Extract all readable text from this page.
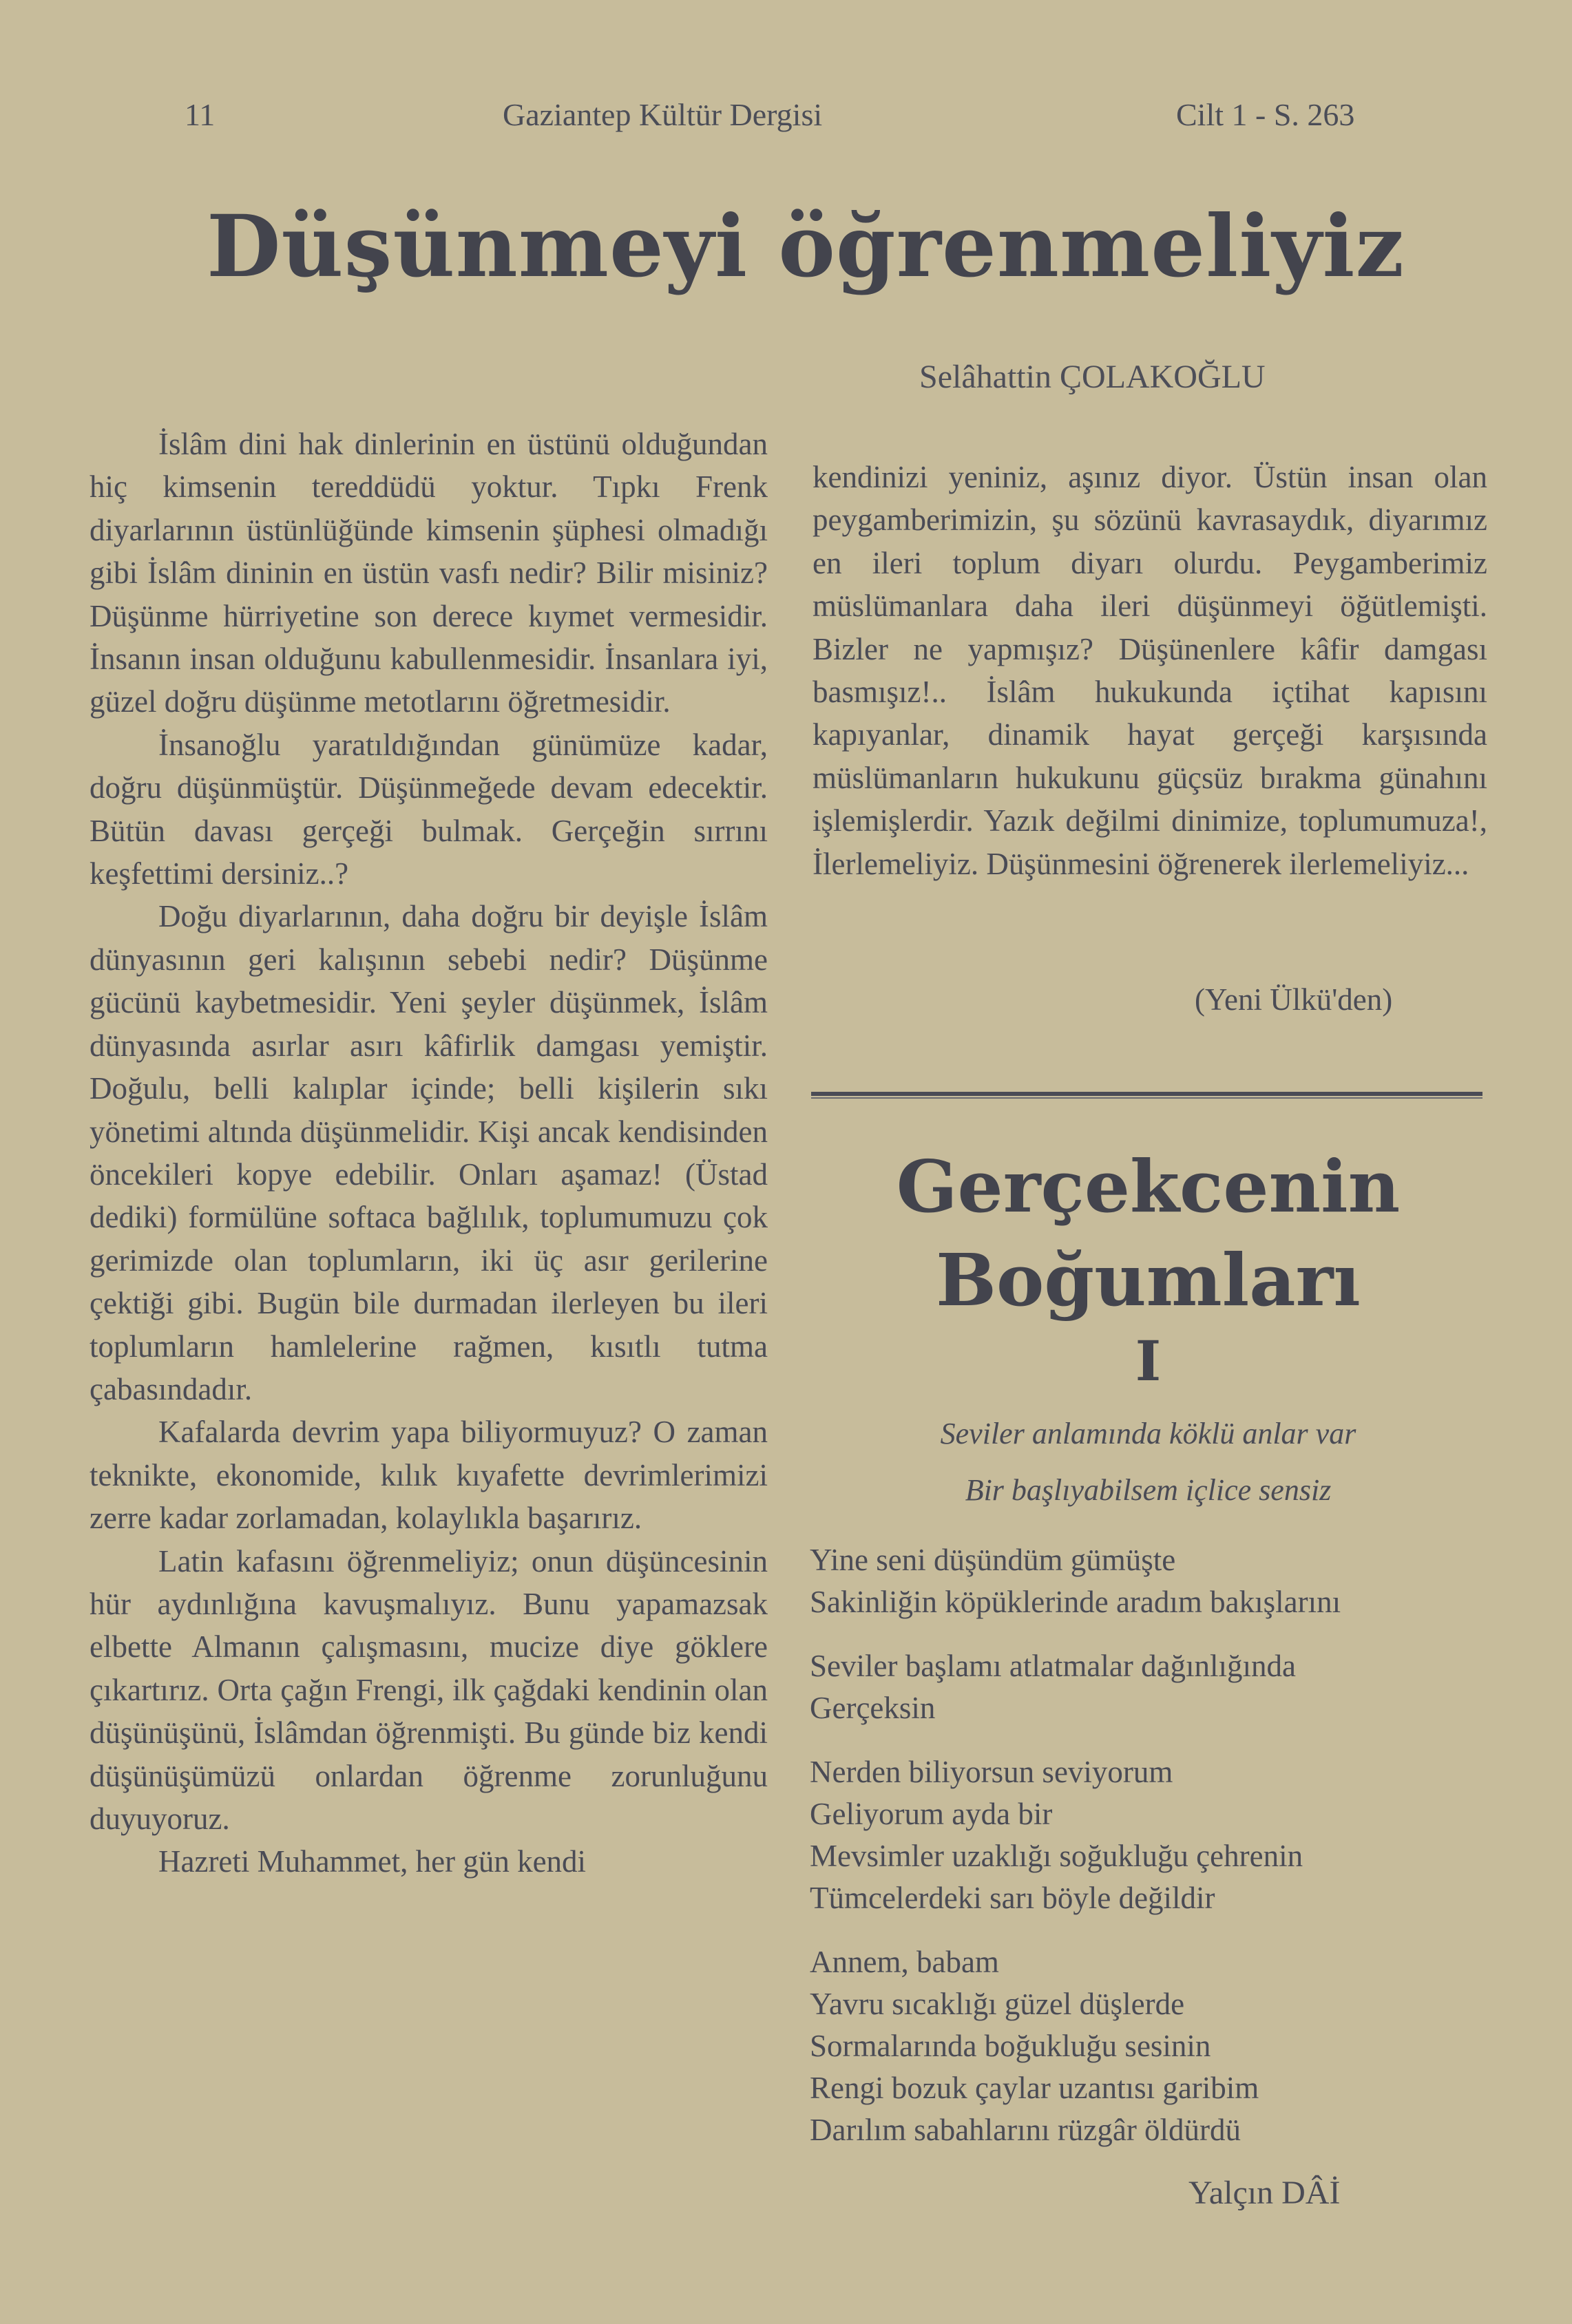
11	Gaziantep Kültür Dergisi	Cilt 1 - S. 263
Düşünmeyi öğrenmeliyiz
Selâhattin ÇOLAKOĞLU

İslâm dini hak dinlerinin en üstünü olduğundan hiç kimsenin tereddüdü yoktur. Tıpkı Frenk diyarlarının üstünlüğünde kimsenin şüphesi olmadığı gibi İslâm dininin en üstün vasfı nedir? Bilir misiniz? Düşünme hürriyetine son derece kıymet vermesidir. İnsanın insan olduğunu kabullenmesidir. İnsanlara iyi, güzel doğru düşünme metotlarını öğretmesidir.

İnsanoğlu yaratıldığından günümüze kadar, doğru düşünmüştür. Düşünmeğede devam edecektir. Bütün davası gerçeği bulmak. Gerçeğin sırrını keşfettimi dersiniz..?

Doğu diyarlarının, daha doğru bir deyişle İslâm dünyasının geri kalışının sebebi nedir? Düşünme gücünü kaybetmesidir. Yeni şeyler düşünmek, İslâm dünyasında asırlar asırı kâfirlik damgası yemiştir. Doğulu, belli kalıplar içinde; belli kişilerin sıkı yönetimi altında düşünmelidir. Kişi ancak kendisinden öncekileri kopye edebilir. Onları aşamaz! (Üstad dediki) formülüne softaca bağlılık, toplumumuzu çok gerimizde olan toplumların, iki üç asır gerilerine çektiği gibi. Bugün bile durmadan ilerleyen bu ileri toplumların hamlelerine rağmen, kısıtlı tutma çabasındadır.

Kafalarda devrim yapa biliyormuyuz? O zaman teknikte, ekonomide, kılık kıyafette devrimlerimizi zerre kadar zorlamadan, kolaylıkla başarırız.

Latin kafasını öğrenmeliyiz; onun düşüncesinin hür aydınlığına kavuşmalıyız. Bunu yapamazsak elbette Almanın çalışmasını, mucize diye göklere çıkartırız. Orta çağın Frengi, ilk çağdaki kendinin olan düşünüşünü, İslâmdan öğrenmişti. Bu günde biz kendi düşünüşümüzü onlardan öğrenme zorunluğunu duyuyoruz.

Hazreti Muhammet, her gün kendi

kendinizi yeniniz, aşınız diyor. Üstün insan olan peygamberimizin, şu sözünü kavrasaydık, diyarımız en ileri toplum diyarı olurdu. Peygamberimiz müslümanlara daha ileri düşünmeyi öğütlemişti. Bizler ne yapmışız? Düşünenlere kâfir damgası basmışız!.. İslâm hukukunda içtihat kapısını kapıyanlar, dinamik hayat gerçeği karşısında müslümanların hukukunu güçsüz bırakma günahını işlemişlerdir. Yazık değilmi dinimize, toplumumuza!, İlerlemeliyiz. Düşünmesini öğrenerek ilerlemeliyiz...

(Yeni Ülkü'den)
Gerçekcenin
Boğumları
I
Seviler anlamında köklü anlar var
Bir başlıyabilsem içlice sensiz
Yine seni düşündüm gümüşte
Sakinliğin köpüklerinde aradım bakışlarını
Seviler başlamı atlatmalar dağınlığında
Gerçeksin
Nerden biliyorsun seviyorum
Geliyorum ayda bir
Mevsimler uzaklığı soğukluğu çehrenin
Tümcelerdeki sarı böyle değildir
Annem, babam
Yavru sıcaklığı güzel düşlerde
Sormalarında boğukluğu sesinin
Rengi bozuk çaylar uzantısı garibim
Darılım sabahlarını rüzgâr öldürdü
Yalçın DÂİ
